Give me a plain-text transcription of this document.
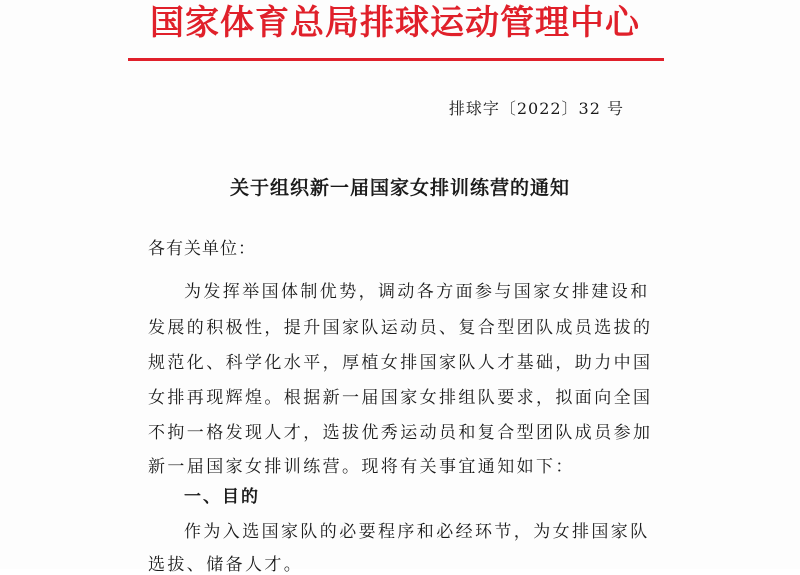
国家体育总局排球运动管理中心
排球字〔2022〕32 号
关于组织新一届国家女排训练营的通知
各有关单位：
为发挥举国体制优势，调动各方面参与国家女排建设和
发展的积极性，提升国家队运动员、复合型团队成员选拔的
规范化、科学化水平，厚植女排国家队人才基础，助力中国
女排再现辉煌。根据新一届国家女排组队要求，拟面向全国
不拘一格发现人才，选拔优秀运动员和复合型团队成员参加
新一届国家女排训练营。现将有关事宜通知如下：
一、目的
作为入选国家队的必要程序和必经环节，为女排国家队
选拔、储备人才。
